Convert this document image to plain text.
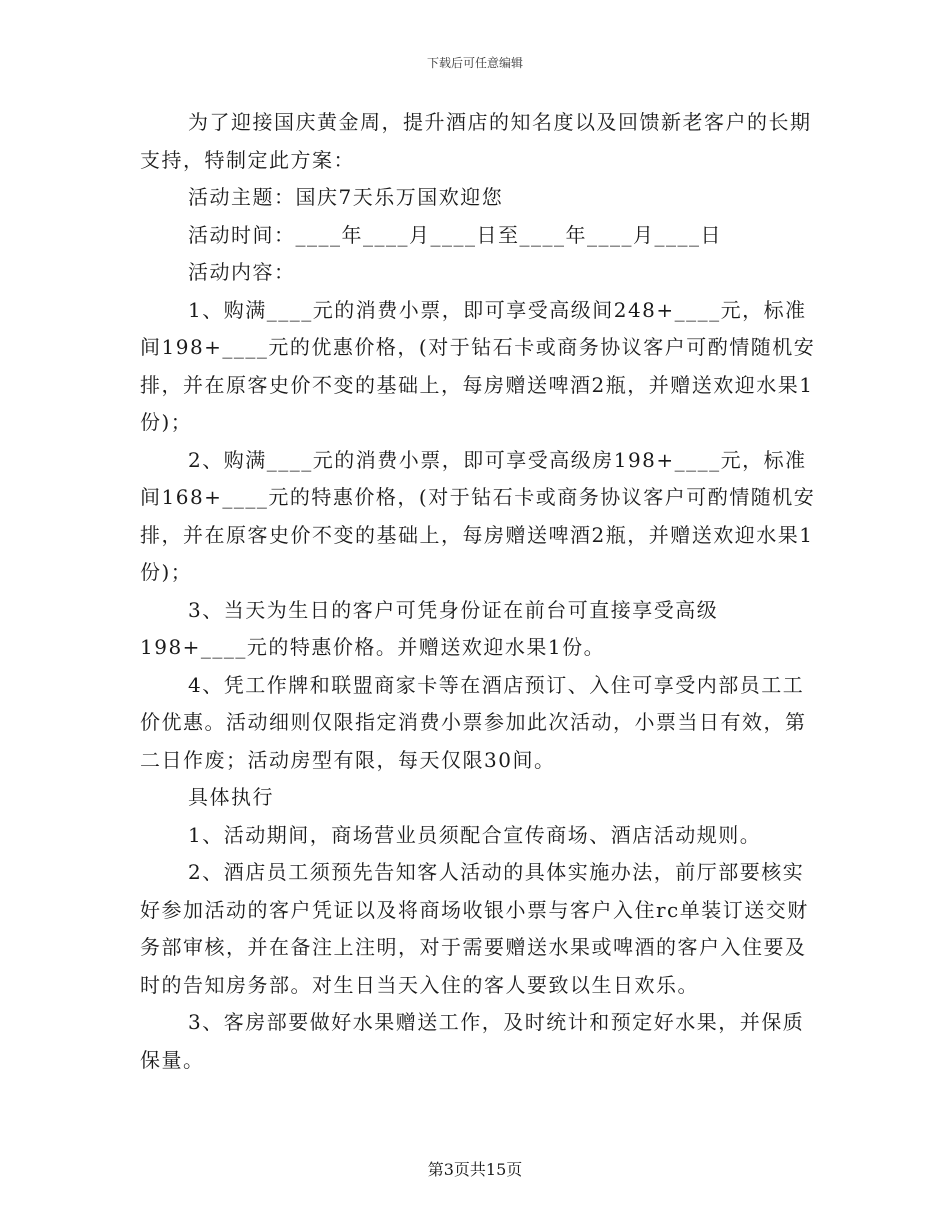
下载后可任意编辑

为了迎接国庆黄金周，提升酒店的知名度以及回馈新老客户的长期支持，特制定此方案：

活动主题：国庆7天乐万国欢迎您

活动时间：____年____月____日至____年____月____日

活动内容：

1、购满____元的消费小票，即可享受高级间248+____元，标准间198+____元的优惠价格，(对于钻石卡或商务协议客户可酌情随机安排，并在原客史价不变的基础上，每房赠送啤酒2瓶，并赠送欢迎水果1份)；

2、购满____元的消费小票，即可享受高级房198+____元，标准间168+____元的特惠价格，(对于钻石卡或商务协议客户可酌情随机安排，并在原客史价不变的基础上，每房赠送啤酒2瓶，并赠送欢迎水果1份)；

3、当天为生日的客户可凭身份证在前台可直接享受高级198+____元的特惠价格。并赠送欢迎水果1份。

4、凭工作牌和联盟商家卡等在酒店预订、入住可享受内部员工工价优惠。活动细则仅限指定消费小票参加此次活动，小票当日有效，第二日作废；活动房型有限，每天仅限30间。

具体执行

1、活动期间，商场营业员须配合宣传商场、酒店活动规则。

2、酒店员工须预先告知客人活动的具体实施办法，前厅部要核实好参加活动的客户凭证以及将商场收银小票与客户入住rc单装订送交财务部审核，并在备注上注明，对于需要赠送水果或啤酒的客户入住要及时的告知房务部。对生日当天入住的客人要致以生日欢乐。

3、客房部要做好水果赠送工作，及时统计和预定好水果，并保质保量。

第3页共15页
